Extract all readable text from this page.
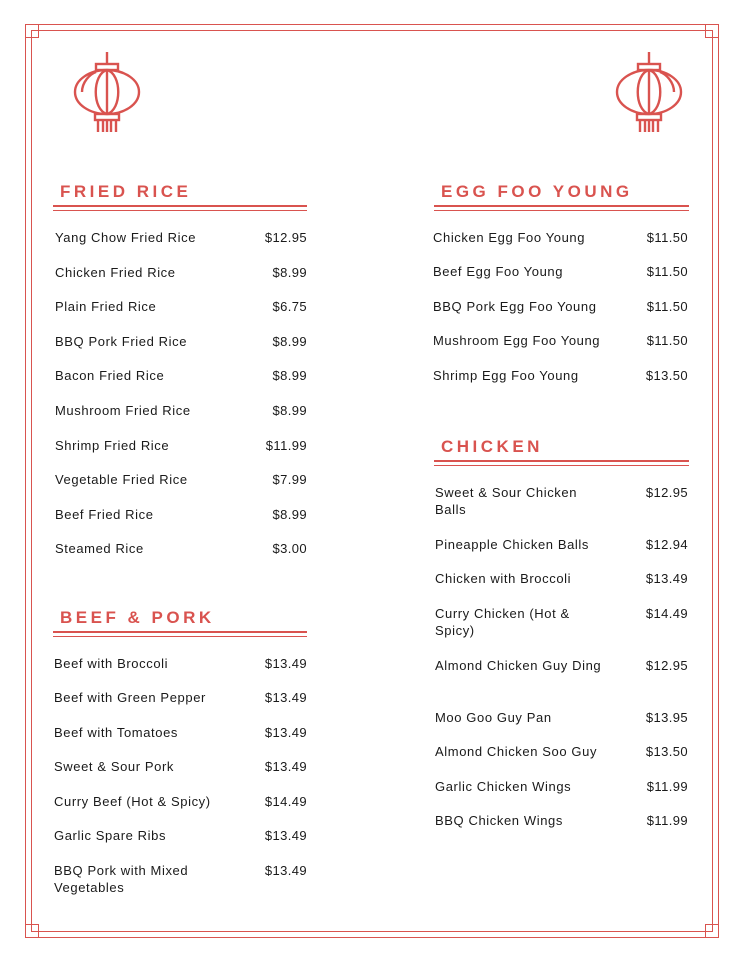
FRIED RICE
Yang Chow Fried Rice	$12.95
Chicken Fried Rice	$8.99
Plain Fried Rice	$6.75
BBQ Pork Fried Rice	$8.99
Bacon Fried Rice	$8.99
Mushroom Fried Rice	$8.99
Shrimp Fried Rice	$11.99
Vegetable Fried Rice	$7.99
Beef Fried Rice	$8.99
Steamed Rice	$3.00
BEEF & PORK
Beef with Broccoli	$13.49
Beef with Green Pepper	$13.49
Beef with Tomatoes	$13.49
Sweet & Sour Pork	$13.49
Curry Beef (Hot & Spicy)	$14.49
Garlic Spare Ribs	$13.49
BBQ Pork with Mixed Vegetables
$13.49
EGG FOO YOUNG
Chicken Egg Foo Young	$11.50
Beef Egg Foo Young	$11.50
BBQ Pork Egg Foo Young	$11.50
Mushroom Egg Foo Young	$11.50
Shrimp Egg Foo Young	$13.50
CHICKEN
Sweet & Sour Chicken Balls
$12.95
Pineapple Chicken Balls	$12.94
Chicken with Broccoli	$13.49
Curry Chicken (Hot & Spicy)
$14.49
Almond Chicken Guy Ding	$12.95
Moo Goo Guy Pan	$13.95
Almond Chicken Soo Guy	$13.50
Garlic Chicken Wings	$11.99
BBQ Chicken Wings	$11.99
